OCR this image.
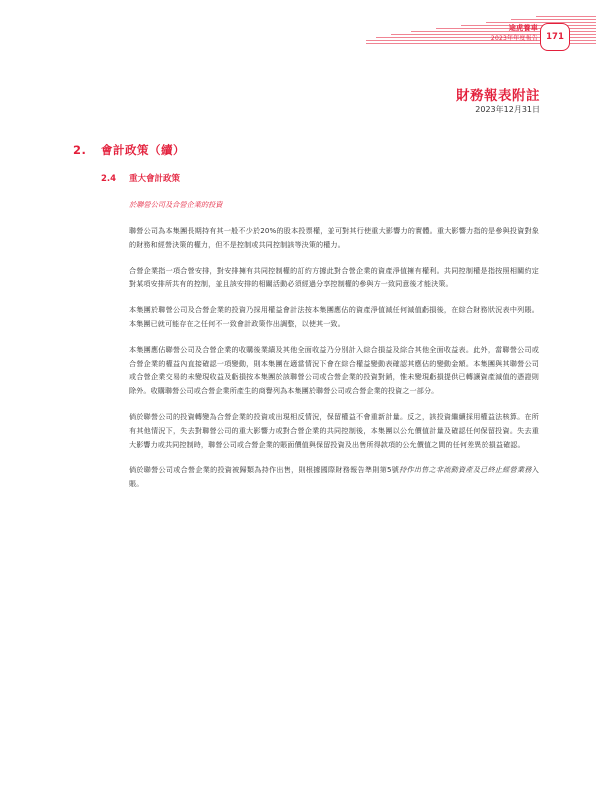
途虎養車
2023年年度報告 171
財務報表附註
2023年12月31日
2. 會計政策（續）
2.4 重大會計政策
於聯營公司及合營企業的投資

聯營公司為本集團長期持有其一般不少於20%的股本投票權，並可對其行使重大影響力的實體。重大影響力指的是參與投資對象的財務和經營決策的權力，但不是控制或共同控制該等決策的權力。

合營企業指一項合營安排，對安排擁有共同控制權的訂約方據此對合營企業的資產淨值擁有權利。共同控制權是指按照相關約定對某項安排所共有的控制，並且該安排的相關活動必須經過分享控制權的參與方一致同意後才能決策。

本集團於聯營公司及合營企業的投資乃採用權益會計法按本集團應佔的資產淨值減任何減值虧損後，在綜合財務狀況表中列賬。本集團已就可能存在之任何不一致會計政策作出調整，以使其一致。

本集團應佔聯營公司及合營企業的收購後業績及其他全面收益乃分別計入綜合損益及綜合其他全面收益表。此外，當聯營公司或合營企業的權益內直接確認一項變動，則本集團在適當情況下會在綜合權益變動表確認其應佔的變動金額。本集團與其聯營公司或合營企業交易的未變現收益及虧損按本集團於該聯營公司或合營企業的投資對銷，惟未變現虧損提供已轉讓資產減值的憑證則除外。收購聯營公司或合營企業所產生的商譽列為本集團於聯營公司或合營企業的投資之一部分。

倘於聯營公司的投資轉變為合營企業的投資或出現相反情況，保留權益不會重新計量。反之，該投資繼續採用權益法核算。在所有其他情況下，失去對聯營公司的重大影響力或對合營企業的共同控制後，本集團以公允價值計量及確認任何保留投資。失去重大影響力或共同控制時，聯營公司或合營企業的賬面價值與保留投資及出售所得款項的公允價值之間的任何差異於損益確認。

倘於聯營公司或合營企業的投資被歸類為持作出售，則根據國際財務報告準則第5號持作出售之非流動資產及已終止經營業務入賬。
